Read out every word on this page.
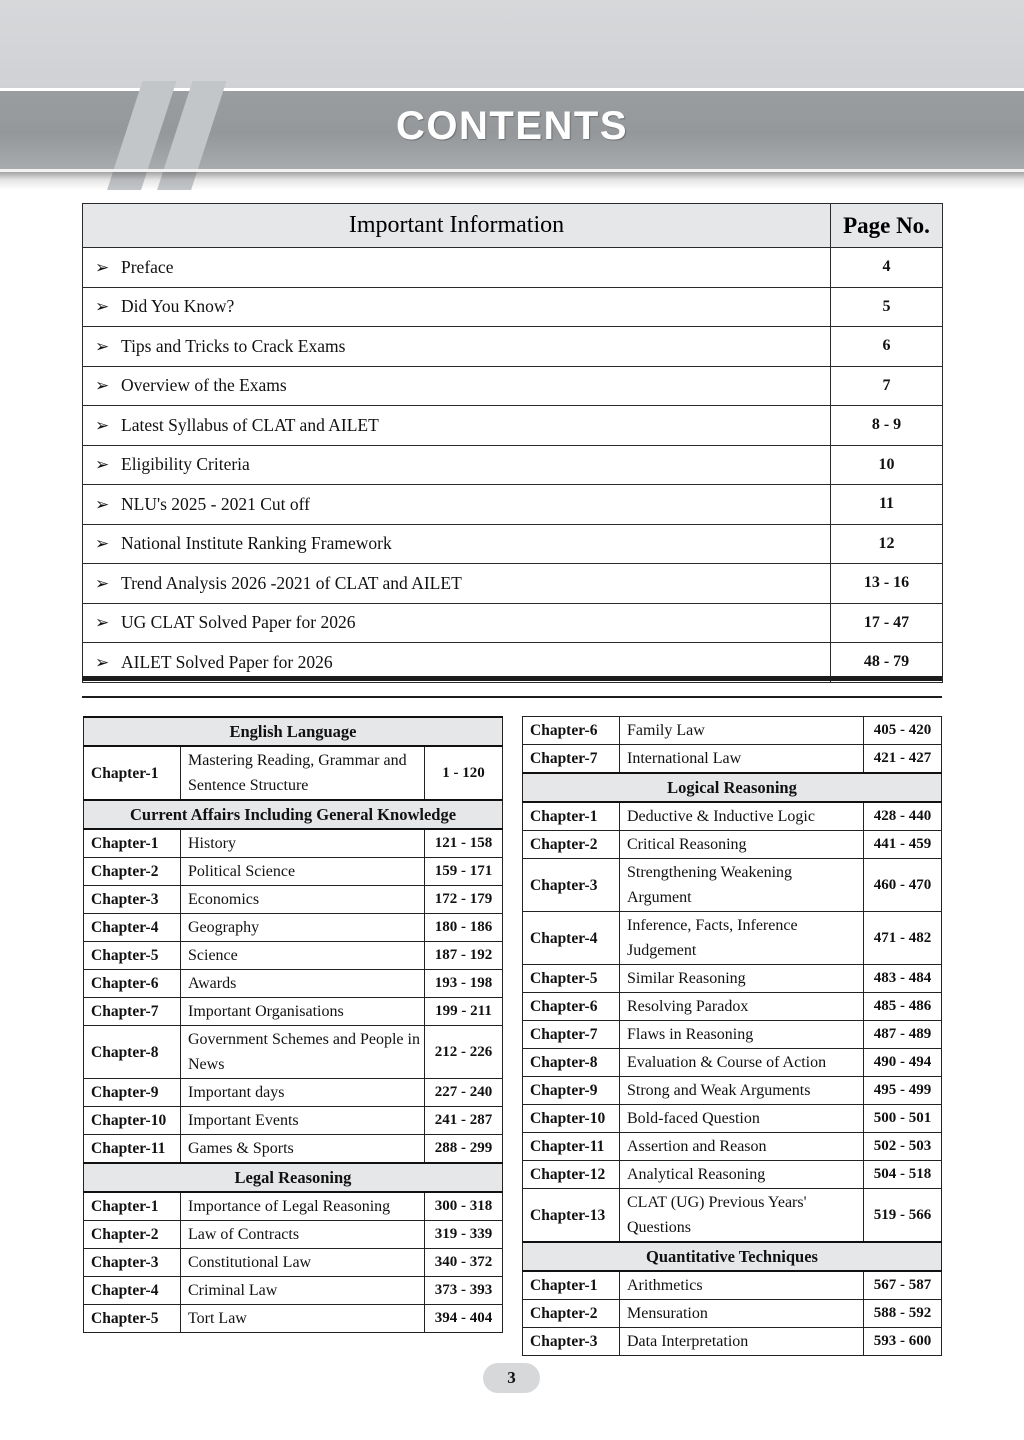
CONTENTS
Important Information	Page No.
➢ Preface	4
➢ Did You Know?	5
➢ Tips and Tricks to Crack Exams	6
➢ Overview of the Exams	7
➢ Latest Syllabus of CLAT and AILET	8 - 9
➢ Eligibility Criteria	10
➢ NLU's 2025 - 2021 Cut off	11
➢ National Institute Ranking Framework	12
➢ Trend Analysis 2026 -2021 of CLAT and AILET	13 - 16
➢ UG CLAT Solved Paper for 2026	17 - 47
➢ AILET Solved Paper for 2026	48 - 79
English Language		
Chapter-1	Mastering Reading, Grammar and Sentence Structure	1 - 120
Current Affairs Including General Knowledge		
Chapter-1	History	121 - 158
Chapter-2	Political Science	159 - 171
Chapter-3	Economics	172 - 179
Chapter-4	Geography	180 - 186
Chapter-5	Science	187 - 192
Chapter-6	Awards	193 - 198
Chapter-7	Important Organisations	199 - 211
Chapter-8	Government Schemes and People in News	212 - 226
Chapter-9	Important days	227 - 240
Chapter-10	Important Events	241 - 287
Chapter-11	Games & Sports	288 - 299
Legal Reasoning		
Chapter-1	Importance of Legal Reasoning	300 - 318
Chapter-2	Law of Contracts	319 - 339
Chapter-3	Constitutional Law	340 - 372
Chapter-4	Criminal Law	373 - 393
Chapter-5	Tort Law	394 - 404
Chapter-6	Family Law	405 - 420
Chapter-7	International Law	421 - 427
Logical Reasoning		
Chapter-1	Deductive & Inductive Logic	428 - 440
Chapter-2	Critical Reasoning	441 - 459
Chapter-3	Strengthening Weakening Argument	460 - 470
Chapter-4	Inference, Facts, Inference Judgement	471 - 482
Chapter-5	Similar Reasoning	483 - 484
Chapter-6	Resolving Paradox	485 - 486
Chapter-7	Flaws in Reasoning	487 - 489
Chapter-8	Evaluation & Course of Action	490 - 494
Chapter-9	Strong and Weak Arguments	495 - 499
Chapter-10	Bold-faced Question	500 - 501
Chapter-11	Assertion and Reason	502 - 503
Chapter-12	Analytical Reasoning	504 - 518
Chapter-13	CLAT (UG) Previous Years' Questions	519 - 566
Quantitative Techniques		
Chapter-1	Arithmetics	567 - 587
Chapter-2	Mensuration	588 - 592
Chapter-3	Data Interpretation	593 - 600
3
